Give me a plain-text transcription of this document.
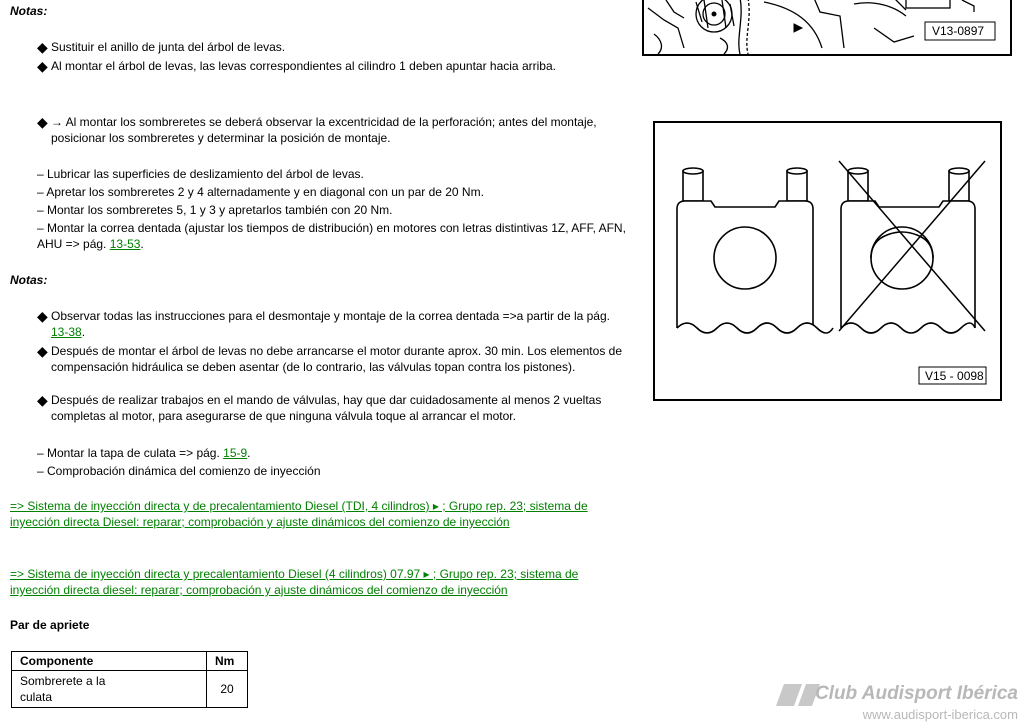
Notas:
◆ Sustituir el anillo de junta del árbol de levas.
◆ Al montar el árbol de levas, las levas correspondientes al cilindro 1 deben apuntar hacia arriba.
◆ → Al montar los sombreretes se deberá observar la excentricidad de la perforación; antes del montaje, posicionar los sombreretes y determinar la posición de montaje.
– Lubricar las superficies de deslizamiento del árbol de levas.
– Apretar los sombreretes 2 y 4 alternadamente y en diagonal con un par de 20 Nm.
– Montar los sombreretes 5, 1 y 3 y apretarlos también con 20 Nm.
– Montar la correa dentada (ajustar los tiempos de distribución) en motores con letras distintivas 1Z, AFF, AFN, AHU => pág. 13-53.
Notas:
◆ Observar todas las instrucciones para el desmontaje y montaje de la correa dentada =>a partir de la pág. 13-38.
◆ Después de montar el árbol de levas no debe arrancarse el motor durante aprox. 30 min. Los elementos de compensación hidráulica se deben asentar (de lo contrario, las válvulas topan contra los pistones).
◆ Después de realizar trabajos en el mando de válvulas, hay que dar cuidadosamente al menos 2 vueltas completas al motor, para asegurarse de que ninguna válvula toque al arrancar el motor.
– Montar la tapa de culata => pág. 15-9.
– Comprobación dinámica del comienzo de inyección
=> Sistema de inyección directa y de precalentamiento Diesel (TDI, 4 cilindros) ▸ ; Grupo rep. 23; sistema de inyección directa Diesel: reparar; comprobación y ajuste dinámicos del comienzo de inyección
=> Sistema de inyección directa y precalentamiento Diesel (4 cilindros) 07.97 ▸ ; Grupo rep. 23; sistema de inyección directa diesel: reparar; comprobación y ajuste dinámicos del comienzo de inyección
Par de apriete
Componente	Nm

Sombrerete a la culata	20
V13-0897
V15 - 0098
Club Audisport Ibérica
www.audisport-iberica.com
